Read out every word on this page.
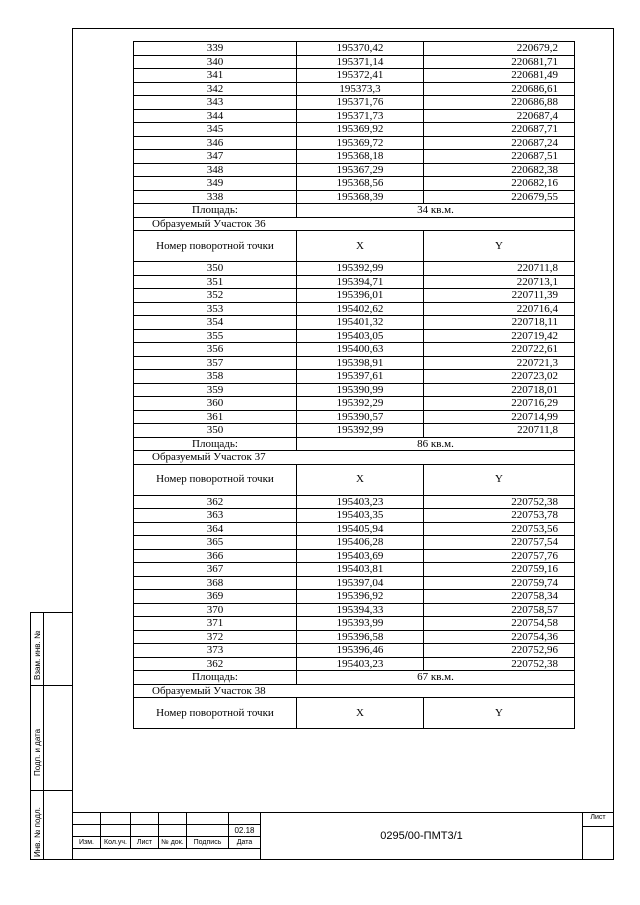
339	195370,42	220679,2
340	195371,14	220681,71
341	195372,41	220681,49
342	195373,3	220686,61
343	195371,76	220686,88
344	195371,73	220687,4
345	195369,92	220687,71
346	195369,72	220687,24
347	195368,18	220687,51
348	195367,29	220682,38
349	195368,56	220682,16
338	195368,39	220679,55
Площадь:	34 кв.м.	
Образуемый Участок 36		
Номер поворотной точки	X	Y
350	195392,99	220711,8
351	195394,71	220713,1
352	195396,01	220711,39
353	195402,62	220716,4
354	195401,32	220718,11
355	195403,05	220719,42
356	195400,63	220722,61
357	195398,91	220721,3
358	195397,61	220723,02
359	195390,99	220718,01
360	195392,29	220716,29
361	195390,57	220714,99
350	195392,99	220711,8
Площадь:	86 кв.м.	
Образуемый Участок 37		
Номер поворотной точки	X	Y
362	195403,23	220752,38
363	195403,35	220753,78
364	195405,94	220753,56
365	195406,28	220757,54
366	195403,69	220757,76
367	195403,81	220759,16
368	195397,04	220759,74
369	195396,92	220758,34
370	195394,33	220758,57
371	195393,99	220754,58
372	195396,58	220754,36
373	195396,46	220752,96
362	195403,23	220752,38
Площадь:	67 кв.м.	
Образуемый Участок 38		
Номер поворотной точки	X	Y
Взам. инв. №
Подп. и дата
Инв. № подл.

						02.18
Изм.	Кол.уч.	Лист	№ док.	Подпись	Дата
0295/00-ПМТ3/1
Лист
